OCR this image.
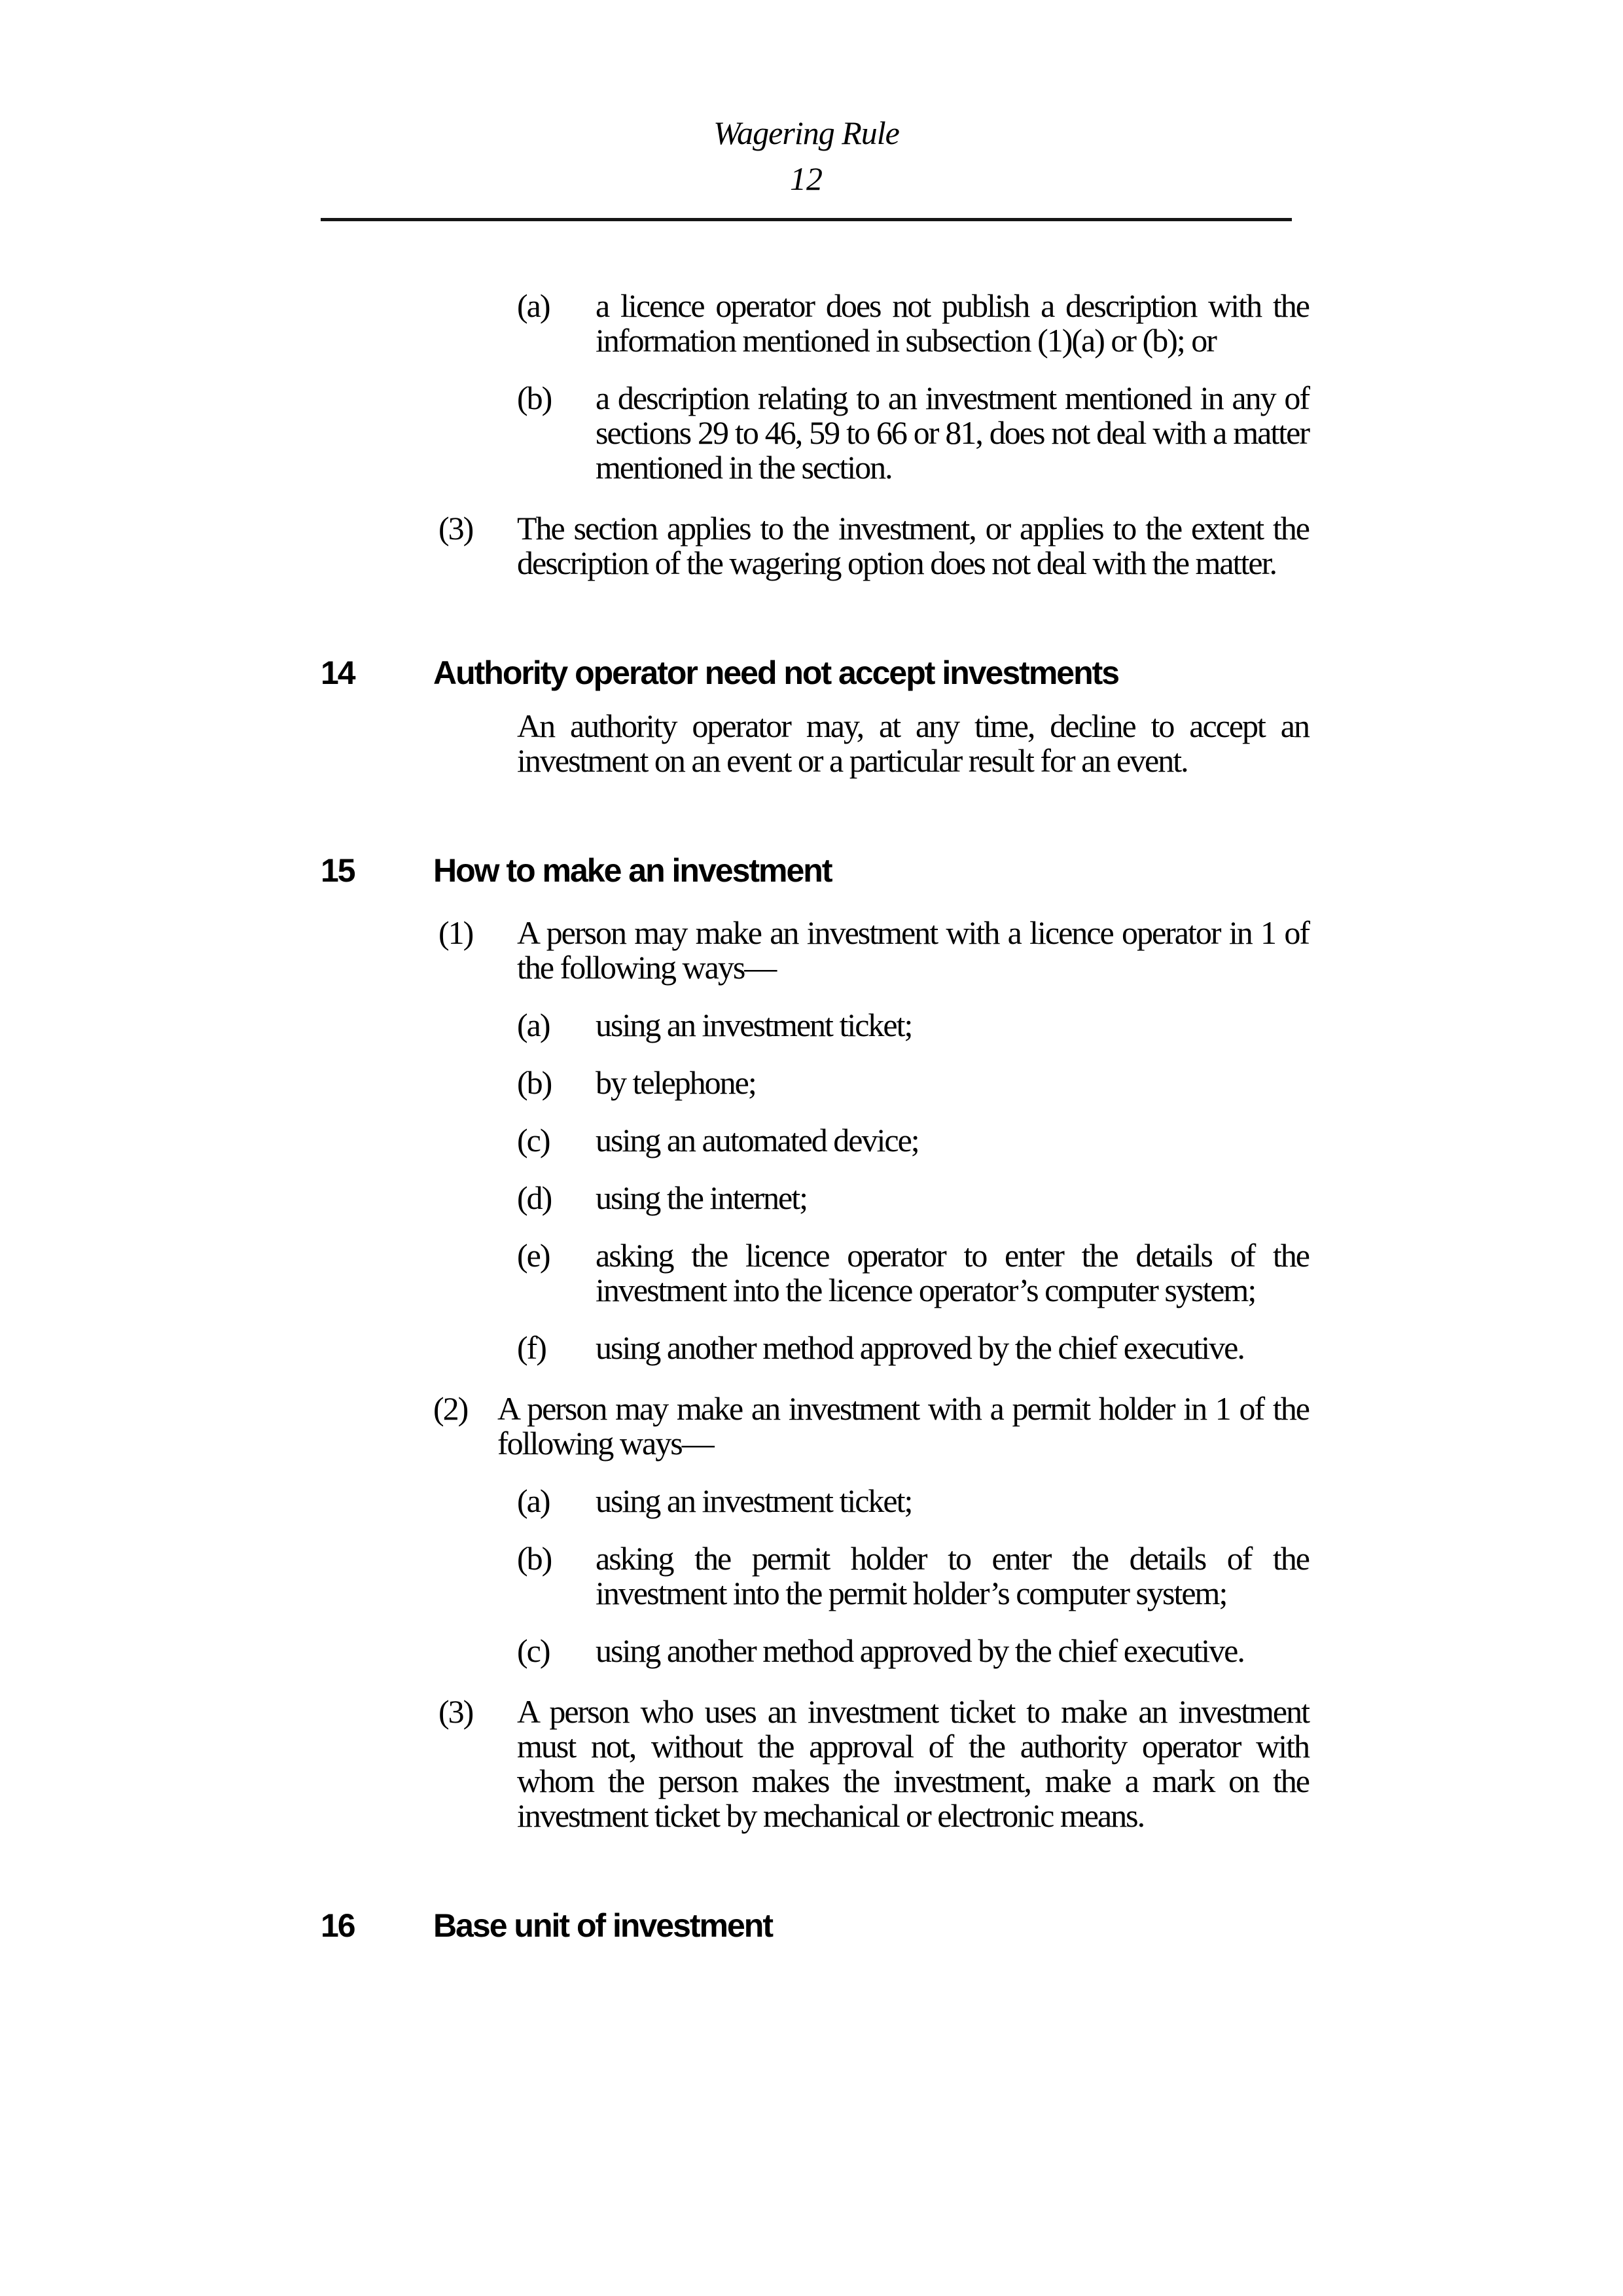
Wagering Rule
12
(a)	a licence operator does not publish a description with the information mentioned in subsection (1)(a) or (b); or
(b)	a description relating to an investment mentioned in any of sections 29 to 46, 59 to 66 or 81, does not deal with a matter mentioned in the section.
(3)	The section applies to the investment, or applies to the extent the description of the wagering option does not deal with the matter.
14	Authority operator need not accept investments
An authority operator may, at any time, decline to accept an investment on an event or a particular result for an event.
15	How to make an investment
(1)	A person may make an investment with a licence operator in 1 of the following ways—
(a)	using an investment ticket;
(b)	by telephone;
(c)	using an automated device;
(d)	using the internet;
(e)	asking the licence operator to enter the details of the investment into the licence operator’s computer system;
(f)	using another method approved by the chief executive.
(2) A person may make an investment with a permit holder in 1 of the following ways—
(a)	using an investment ticket;
(b)	asking the permit holder to enter the details of the investment into the permit holder’s computer system;
(c)	using another method approved by the chief executive.
(3)	A person who uses an investment ticket to make an investment must not, without the approval of the authority operator with whom the person makes the investment, make a mark on the investment ticket by mechanical or electronic means.
16	Base unit of investment
